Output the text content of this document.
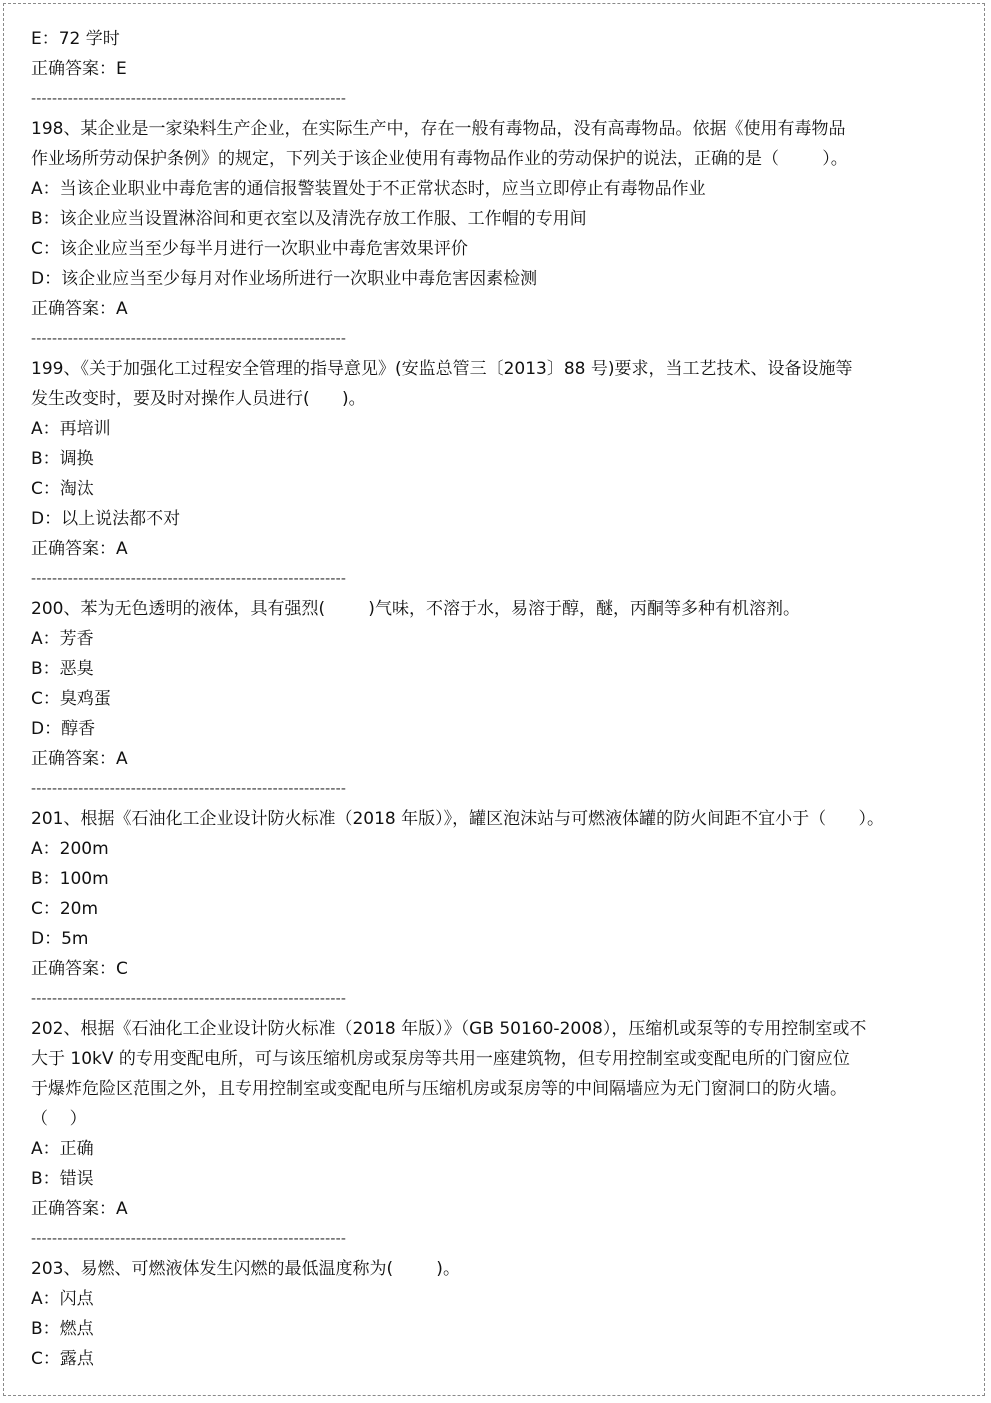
E：72 学时
正确答案：E
------------------------------------------------------------
198、某企业是一家染料生产企业，在实际生产中，存在一般有毒物品，没有高毒物品。依据《使用有毒物品
作业场所劳动保护条例》的规定，下列关于该企业使用有毒物品作业的劳动保护的说法，正确的是（        ）。
A：当该企业职业中毒危害的通信报警装置处于不正常状态时，应当立即停止有毒物品作业
B：该企业应当设置淋浴间和更衣室以及清洗存放工作服、工作帽的专用间
C：该企业应当至少每半月进行一次职业中毒危害效果评价
D：该企业应当至少每月对作业场所进行一次职业中毒危害因素检测
正确答案：A
------------------------------------------------------------
199、《关于加强化工过程安全管理的指导意见》(安监总管三〔2013〕88 号)要求，当工艺技术、设备设施等
发生改变时，要及时对操作人员进行(      )。
A：再培训
B：调换
C：淘汰
D：以上说法都不对
正确答案：A
------------------------------------------------------------
200、苯为无色透明的液体，具有强烈(        )气味，不溶于水，易溶于醇，醚，丙酮等多种有机溶剂。
A：芳香
B：恶臭
C：臭鸡蛋
D：醇香
正确答案：A
------------------------------------------------------------
201、根据《石油化工企业设计防火标准（2018 年版）》，罐区泡沫站与可燃液体罐的防火间距不宜小于（      ）。
A：200m
B：100m
C：20m
D：5m
正确答案：C
------------------------------------------------------------
202、根据《石油化工企业设计防火标准（2018 年版）》（GB 50160-2008），压缩机或泵等的专用控制室或不
大于 10kV 的专用变配电所，可与该压缩机房或泵房等共用一座建筑物，但专用控制室或变配电所的门窗应位
于爆炸危险区范围之外，且专用控制室或变配电所与压缩机房或泵房等的中间隔墙应为无门窗洞口的防火墙。
（    ）
A：正确
B：错误
正确答案：A
------------------------------------------------------------
203、易燃、可燃液体发生闪燃的最低温度称为(        )。
A：闪点
B：燃点
C：露点
